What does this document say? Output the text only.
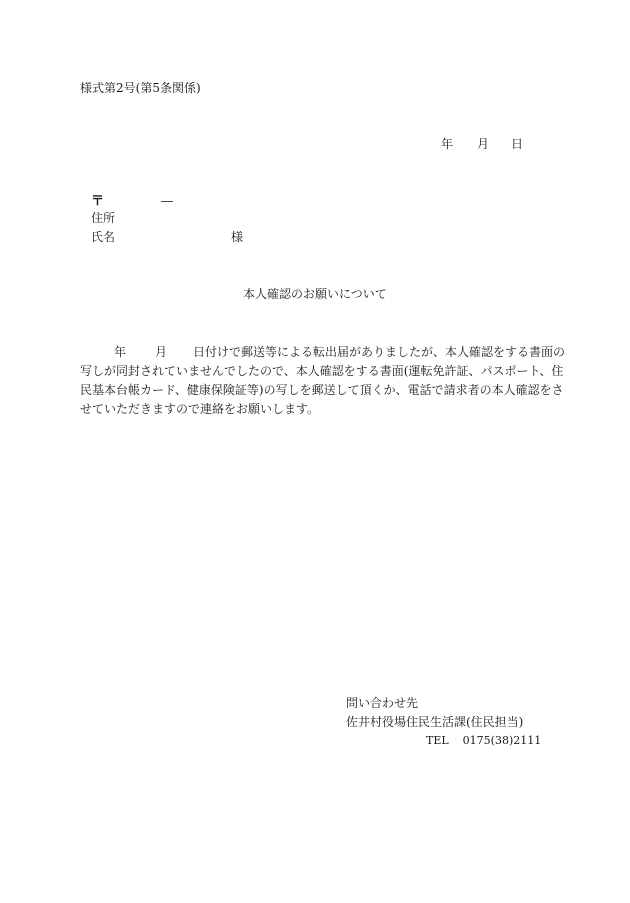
様式第2号(第5条関係)
年 月 日
〒	―
住所
氏名	様
本人確認のお願いについて
年 月 日付けで郵送等による転出届がありましたが、本人確認をする書面の
写しが同封されていませんでしたので、本人確認をする書面(運転免許証、パスポート、住
民基本台帳カード、健康保険証等)の写しを郵送して頂くか、電話で請求者の本人確認をさ
せていただきますので連絡をお願いします。
問い合わせ先
佐井村役場住民生活課(住民担当)
TEL 0175(38)2111
